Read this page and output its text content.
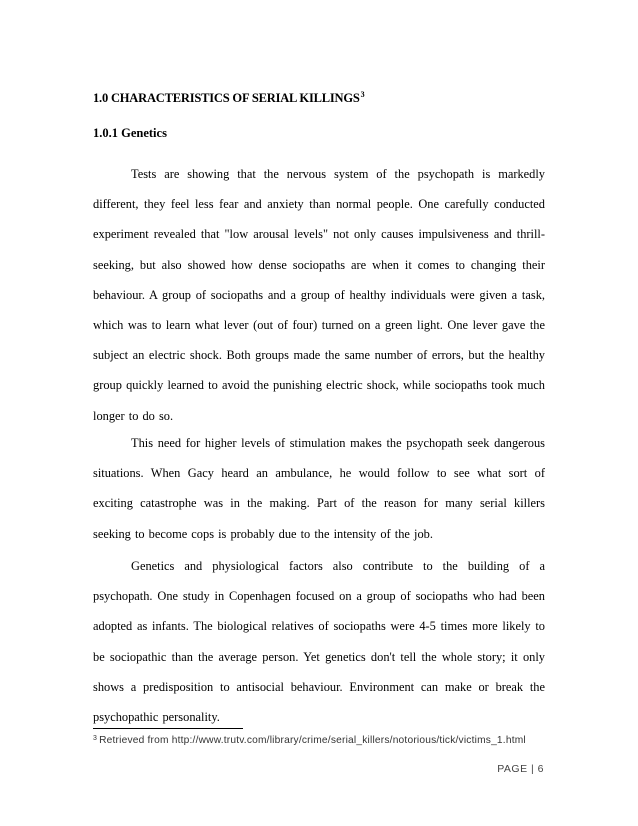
1.0 CHARACTERISTICS OF SERIAL KILLINGS$^3$
1.0.1 Genetics

Tests are showing that the nervous system of the psychopath is markedly different, they feel less fear and anxiety than normal people. One carefully conducted experiment revealed that "low arousal levels" not only causes impulsiveness and thrill-seeking, but also showed how dense sociopaths are when it comes to changing their behaviour. A group of sociopaths and a group of healthy individuals were given a task, which was to learn what lever (out of four) turned on a green light. One lever gave the subject an electric shock. Both groups made the same number of errors, but the healthy group quickly learned to avoid the punishing electric shock, while sociopaths took much longer to do so.

This need for higher levels of stimulation makes the psychopath seek dangerous situations. When Gacy heard an ambulance, he would follow to see what sort of exciting catastrophe was in the making. Part of the reason for many serial killers seeking to become cops is probably due to the intensity of the job.

Genetics and physiological factors also contribute to the building of a psychopath. One study in Copenhagen focused on a group of sociopaths who had been adopted as infants. The biological relatives of sociopaths were 4-5 times more likely to be sociopathic than the average person. Yet genetics don't tell the whole story; it only shows a predisposition to antisocial behaviour. Environment can make or break the psychopathic personality.

$^3$ Retrieved from http://www.trutv.com/library/crime/serial_killers/notorious/tick/victims_1.html
PAGE | 6
